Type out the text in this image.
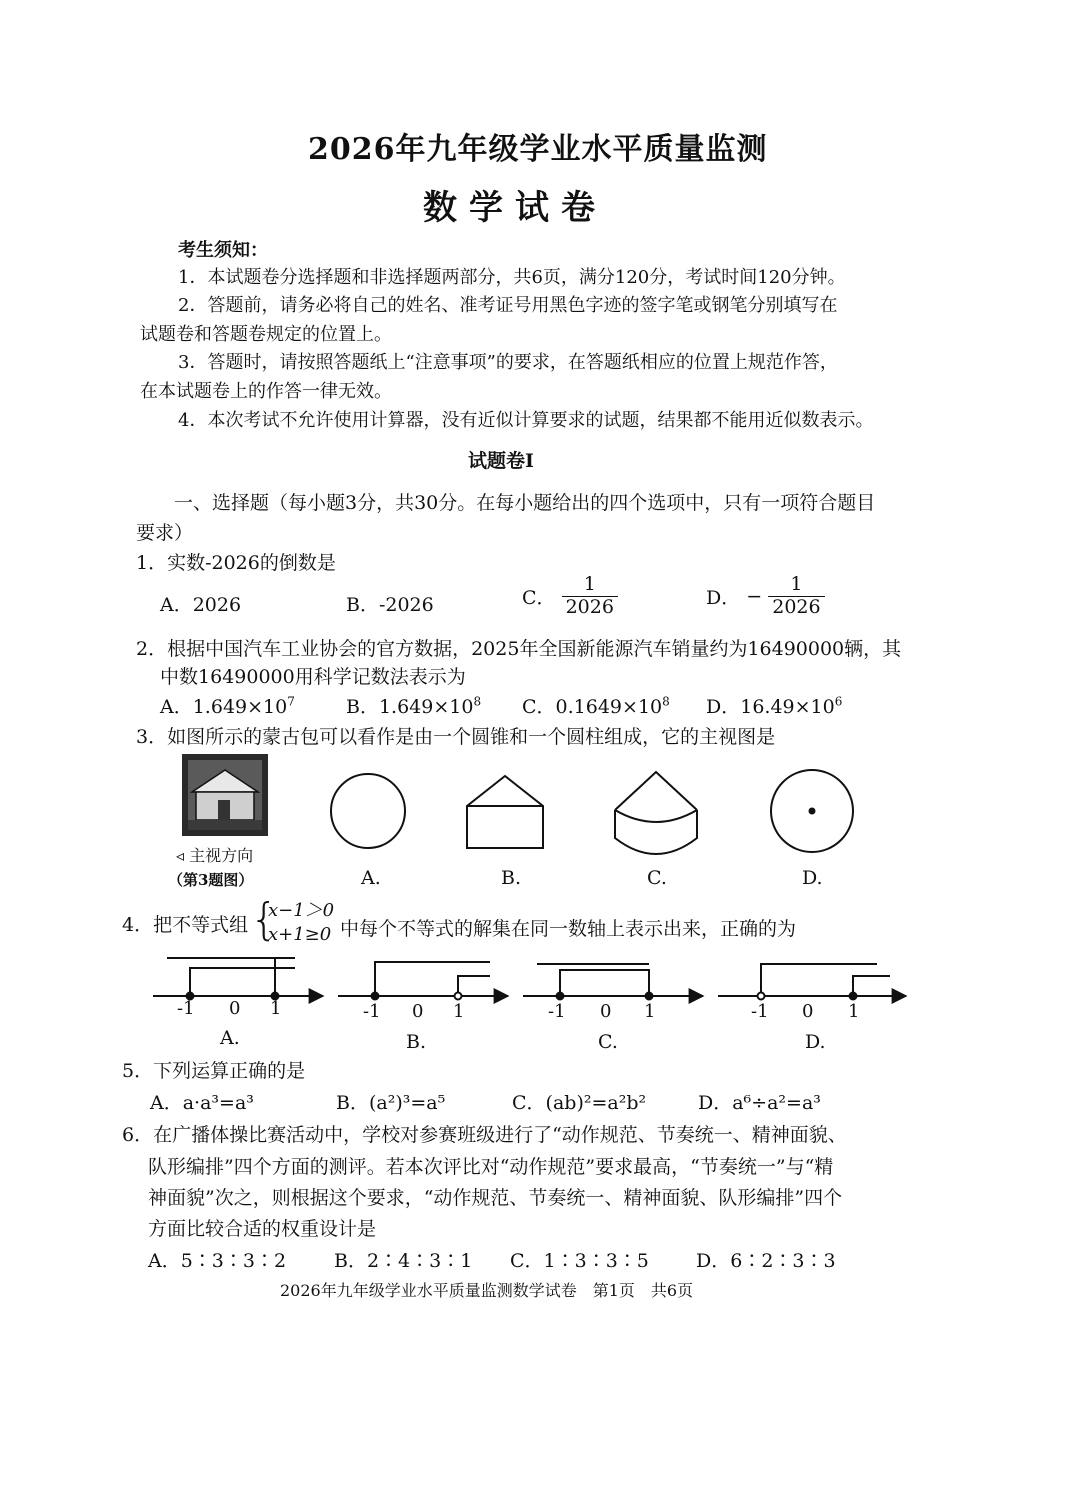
2026年九年级学业水平质量监测
数学试卷
考生须知：
1．本试题卷分选择题和非选择题两部分，共6页，满分120分，考试时间120分钟。
2．答题前，请务必将自己的姓名、准考证号用黑色字迹的签字笔或钢笔分别填写在
试题卷和答题卷规定的位置上。
3．答题时，请按照答题纸上“注意事项”的要求，在答题纸相应的位置上规范作答，
在本试题卷上的作答一律无效。
4．本次考试不允许使用计算器，没有近似计算要求的试题，结果都不能用近似数表示。
试题卷Ⅰ
一、选择题（每小题3分，共30分。在每小题给出的四个选项中，只有一项符合题目
要求）
1．实数-2026的倒数是
A．2026	B．-2026	C． $\frac{1}{2026}$	D． − $\frac{1}{2026}$
2．根据中国汽车工业协会的官方数据，2025年全国新能源汽车销量约为16490000辆，其
中数16490000用科学记数法表示为
A．$1.649\times 10^7$	B．$1.649\times 10^8$ C．$0.1649\times 10^8$ D．$16.49\times 10^6$
3．如图所示的蒙古包可以看作是由一个圆锥和一个圆柱组成，它的主视图是
◃ 主视方向
（第3题图）	A.	B.	C.	D.
4．把不等式组 {
x−1＞0
x+1≥0 中每个不等式的解集在同一数轴上表示出来，正确的为
-1 0 1	-1 0 1	-1 0 1	-1 0 1
A.	B.	C.	D.
5．下列运算正确的是
A．a·a³=a³	B．(a²)³=a⁵	C．(ab)²=a²b²	D．a⁶÷a²=a³
6．在广播体操比赛活动中，学校对参赛班级进行了“动作规范、节奏统一、精神面貌、
队形编排”四个方面的测评。若本次评比对“动作规范”要求最高，“节奏统一”与“精
神面貌”次之，则根据这个要求，“动作规范、节奏统一、精神面貌、队形编排”四个
方面比较合适的权重设计是
A．5∶3∶3∶2	B．2∶4∶3∶1 C．1∶3∶3∶5 D．6∶2∶3∶3
2026年九年级学业水平质量监测数学试卷　第1页　共6页
